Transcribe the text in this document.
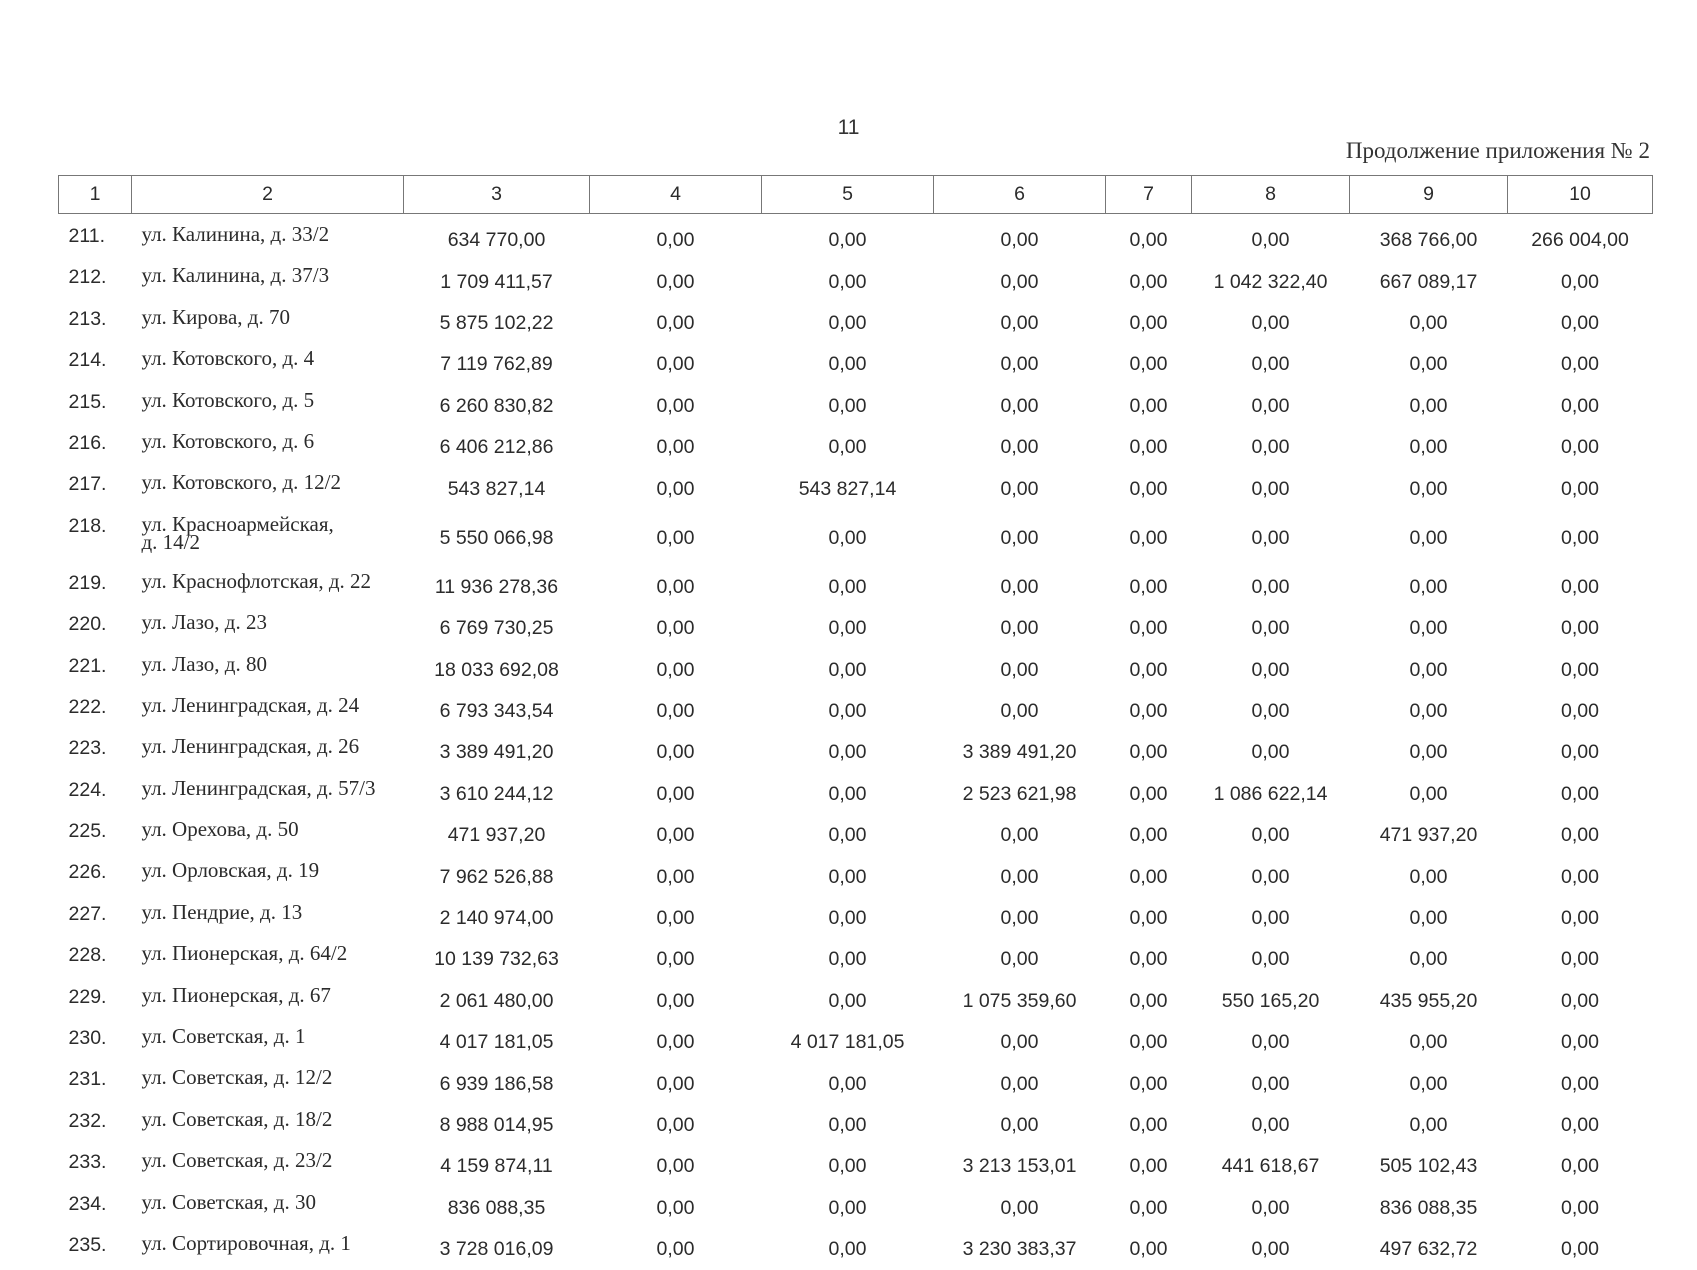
11
Продолжение приложения № 2
1	2	3	4	5	6	7	8	9	10

211.	ул. Калинина, д. 33/2	634 770,00	0,00	0,00	0,00	0,00	0,00	368 766,00	266 004,00
212.	ул. Калинина, д. 37/3	1 709 411,57	0,00	0,00	0,00	0,00	1 042 322,40	667 089,17	0,00
213.	ул. Кирова, д. 70	5 875 102,22	0,00	0,00	0,00	0,00	0,00	0,00	0,00
214.	ул. Котовского, д. 4	7 119 762,89	0,00	0,00	0,00	0,00	0,00	0,00	0,00
215.	ул. Котовского, д. 5	6 260 830,82	0,00	0,00	0,00	0,00	0,00	0,00	0,00
216.	ул. Котовского, д. 6	6 406 212,86	0,00	0,00	0,00	0,00	0,00	0,00	0,00
217.	ул. Котовского, д. 12/2	543 827,14	0,00	543 827,14	0,00	0,00	0,00	0,00	0,00
218.	ул. Красноармейская,
д. 14/2	5 550 066,98	0,00	0,00	0,00	0,00	0,00	0,00	0,00
219.	ул. Краснофлотская, д. 22	11 936 278,36	0,00	0,00	0,00	0,00	0,00	0,00	0,00
220.	ул. Лазо, д. 23	6 769 730,25	0,00	0,00	0,00	0,00	0,00	0,00	0,00
221.	ул. Лазо, д. 80	18 033 692,08	0,00	0,00	0,00	0,00	0,00	0,00	0,00
222.	ул. Ленинградская, д. 24	6 793 343,54	0,00	0,00	0,00	0,00	0,00	0,00	0,00
223.	ул. Ленинградская, д. 26	3 389 491,20	0,00	0,00	3 389 491,20	0,00	0,00	0,00	0,00
224.	ул. Ленинградская, д. 57/3	3 610 244,12	0,00	0,00	2 523 621,98	0,00	1 086 622,14	0,00	0,00
225.	ул. Орехова, д. 50	471 937,20	0,00	0,00	0,00	0,00	0,00	471 937,20	0,00
226.	ул. Орловская, д. 19	7 962 526,88	0,00	0,00	0,00	0,00	0,00	0,00	0,00
227.	ул. Пендрие, д. 13	2 140 974,00	0,00	0,00	0,00	0,00	0,00	0,00	0,00
228.	ул. Пионерская, д. 64/2	10 139 732,63	0,00	0,00	0,00	0,00	0,00	0,00	0,00
229.	ул. Пионерская, д. 67	2 061 480,00	0,00	0,00	1 075 359,60	0,00	550 165,20	435 955,20	0,00
230.	ул. Советская, д. 1	4 017 181,05	0,00	4 017 181,05	0,00	0,00	0,00	0,00	0,00
231.	ул. Советская, д. 12/2	6 939 186,58	0,00	0,00	0,00	0,00	0,00	0,00	0,00
232.	ул. Советская, д. 18/2	8 988 014,95	0,00	0,00	0,00	0,00	0,00	0,00	0,00
233.	ул. Советская, д. 23/2	4 159 874,11	0,00	0,00	3 213 153,01	0,00	441 618,67	505 102,43	0,00
234.	ул. Советская, д. 30	836 088,35	0,00	0,00	0,00	0,00	0,00	836 088,35	0,00
235.	ул. Сортировочная, д. 1	3 728 016,09	0,00	0,00	3 230 383,37	0,00	0,00	497 632,72	0,00
